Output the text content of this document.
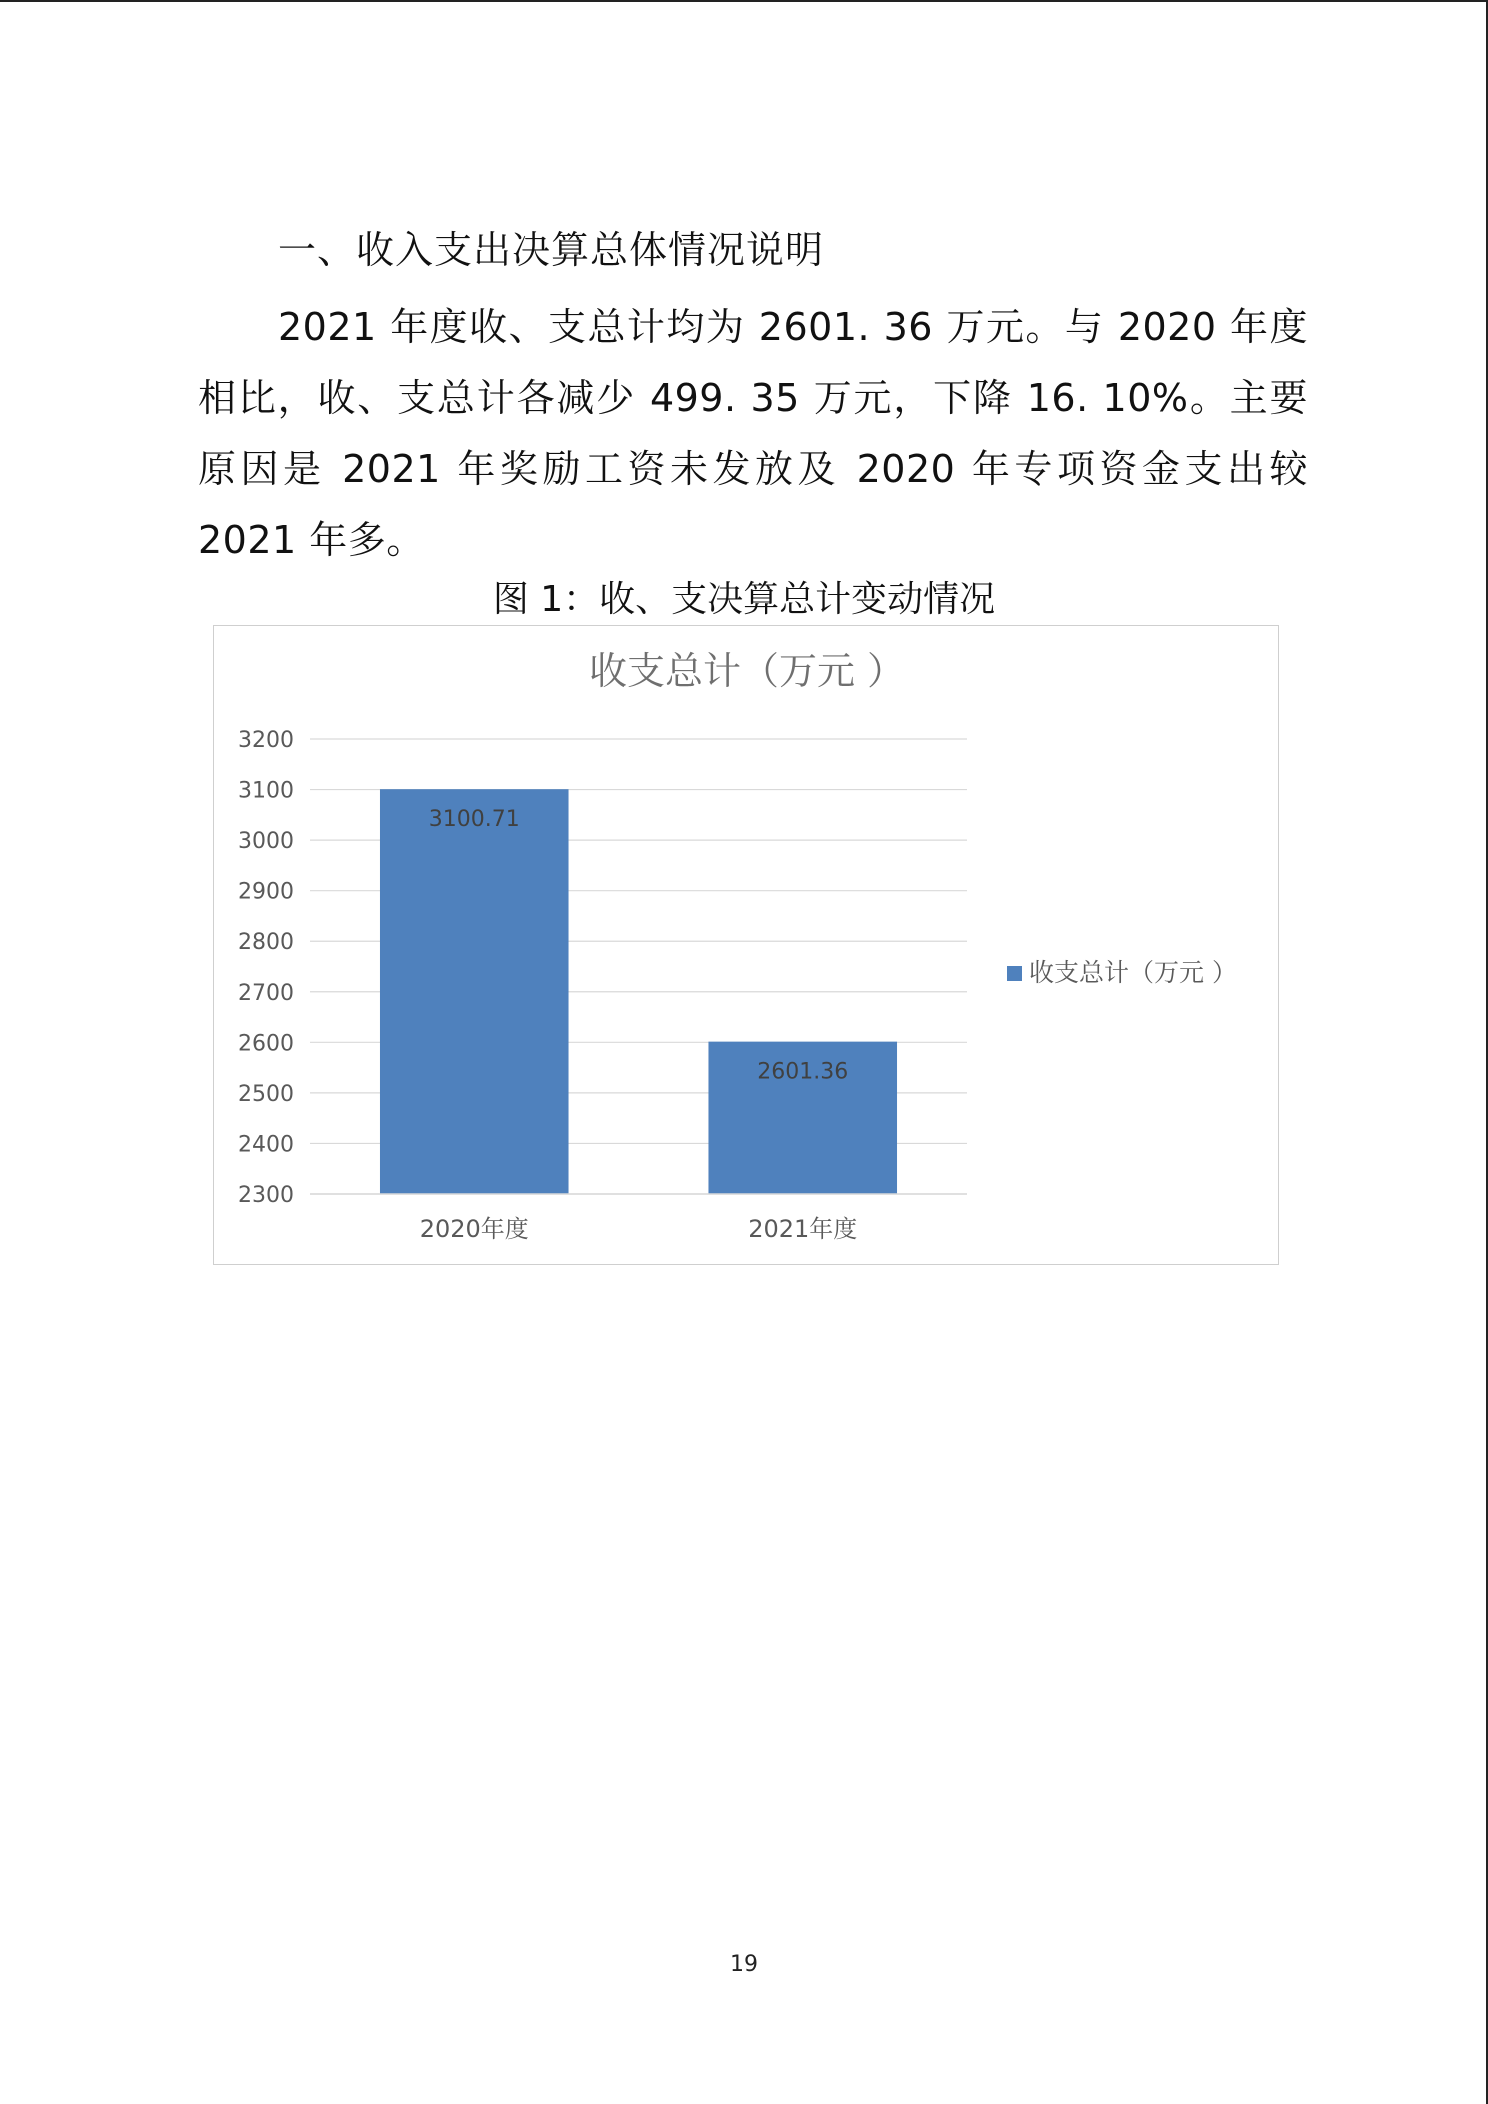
一、收入支出决算总体情况说明
2021 年度收、支总计均为 2601. 36 万元。与 2020 年度相比，收、支总计各减少 499. 35 万元，下降 16. 10%。主要原因是 2021 年奖励工资未发放及 2020 年专项资金支出较 2021 年多。
图 1：收、支决算总计变动情况
收支总计（万元 ）
2300
2400
2500
2600
2700
2800
2900
3000
3100
3200
3100.71
2020年度
2601.36
2021年度
收支总计（万元 ）
19
